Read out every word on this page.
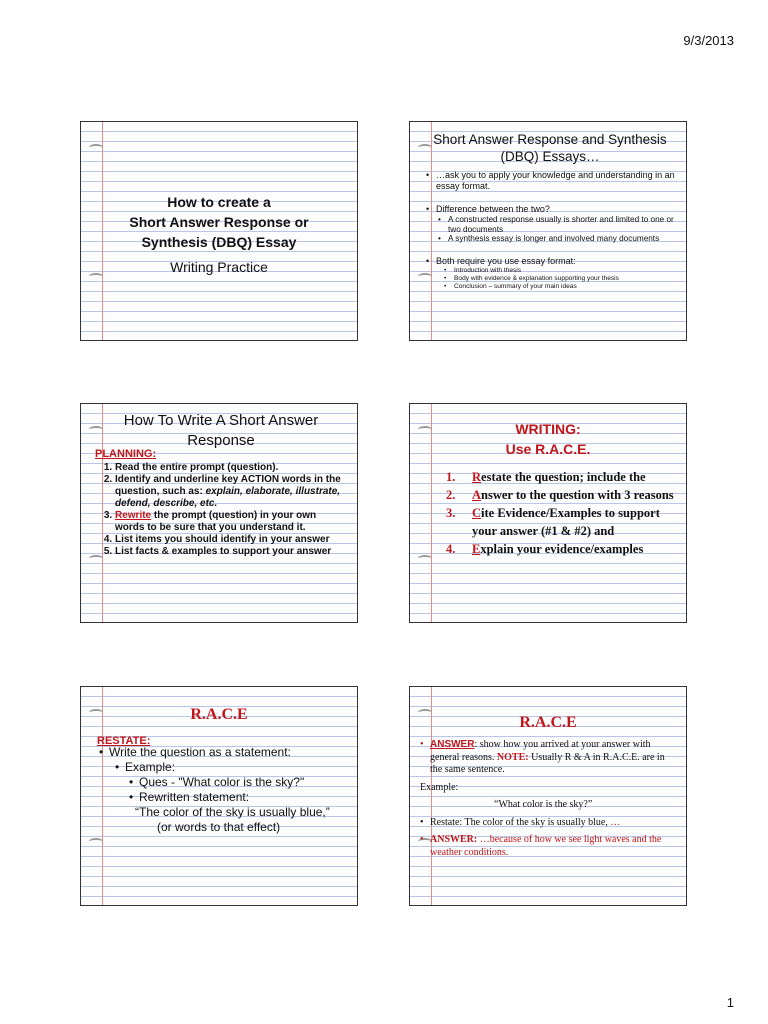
9/3/2013
How to create a
Short Answer Response or
Synthesis (DBQ) Essay
Writing Practice
Short Answer Response and Synthesis
(DBQ) Essays…
• …ask you to apply your knowledge and understanding in an essay format.
• Difference between the two?
• A constructed response usually is shorter and limited to one or two documents
• A synthesis essay is longer and involved many documents
• Both require you use essay format:
• Introduction with thesis
• Body with evidence & explanation supporting your thesis
• Conclusion – summary of your main ideas
How To Write A Short Answer
Response
PLANNING:
1. Read the entire prompt (question).
2. Identify and underline key ACTION words in the question, such as: explain, elaborate, illustrate, defend, describe, etc.
3. Rewrite the prompt (question) in your own words to be sure that you understand it.
4. List items you should identify in your answer
5. List facts & examples to support your answer
WRITING:
Use R.A.C.E.
1. Restate the question; include the
2. Answer to the question with 3 reasons
3. Cite Evidence/Examples to support your answer (#1 & #2) and
4. Explain your evidence/examples
R.A.C.E
RESTATE:
• Write the question as a statement:
• Example:
• Ques - "What color is the sky?"
• Rewritten statement:
“The color of the sky is usually blue,”
(or words to that effect)
R.A.C.E
• ANSWER: show how you arrived at your answer with general reasons. NOTE: Usually R & A in R.A.C.E. are in the same sentence.
Example:
“What color is the sky?”
• Restate: The color of the sky is usually blue, …
• ANSWER: …because of how we see light waves and the weather conditions.
1
